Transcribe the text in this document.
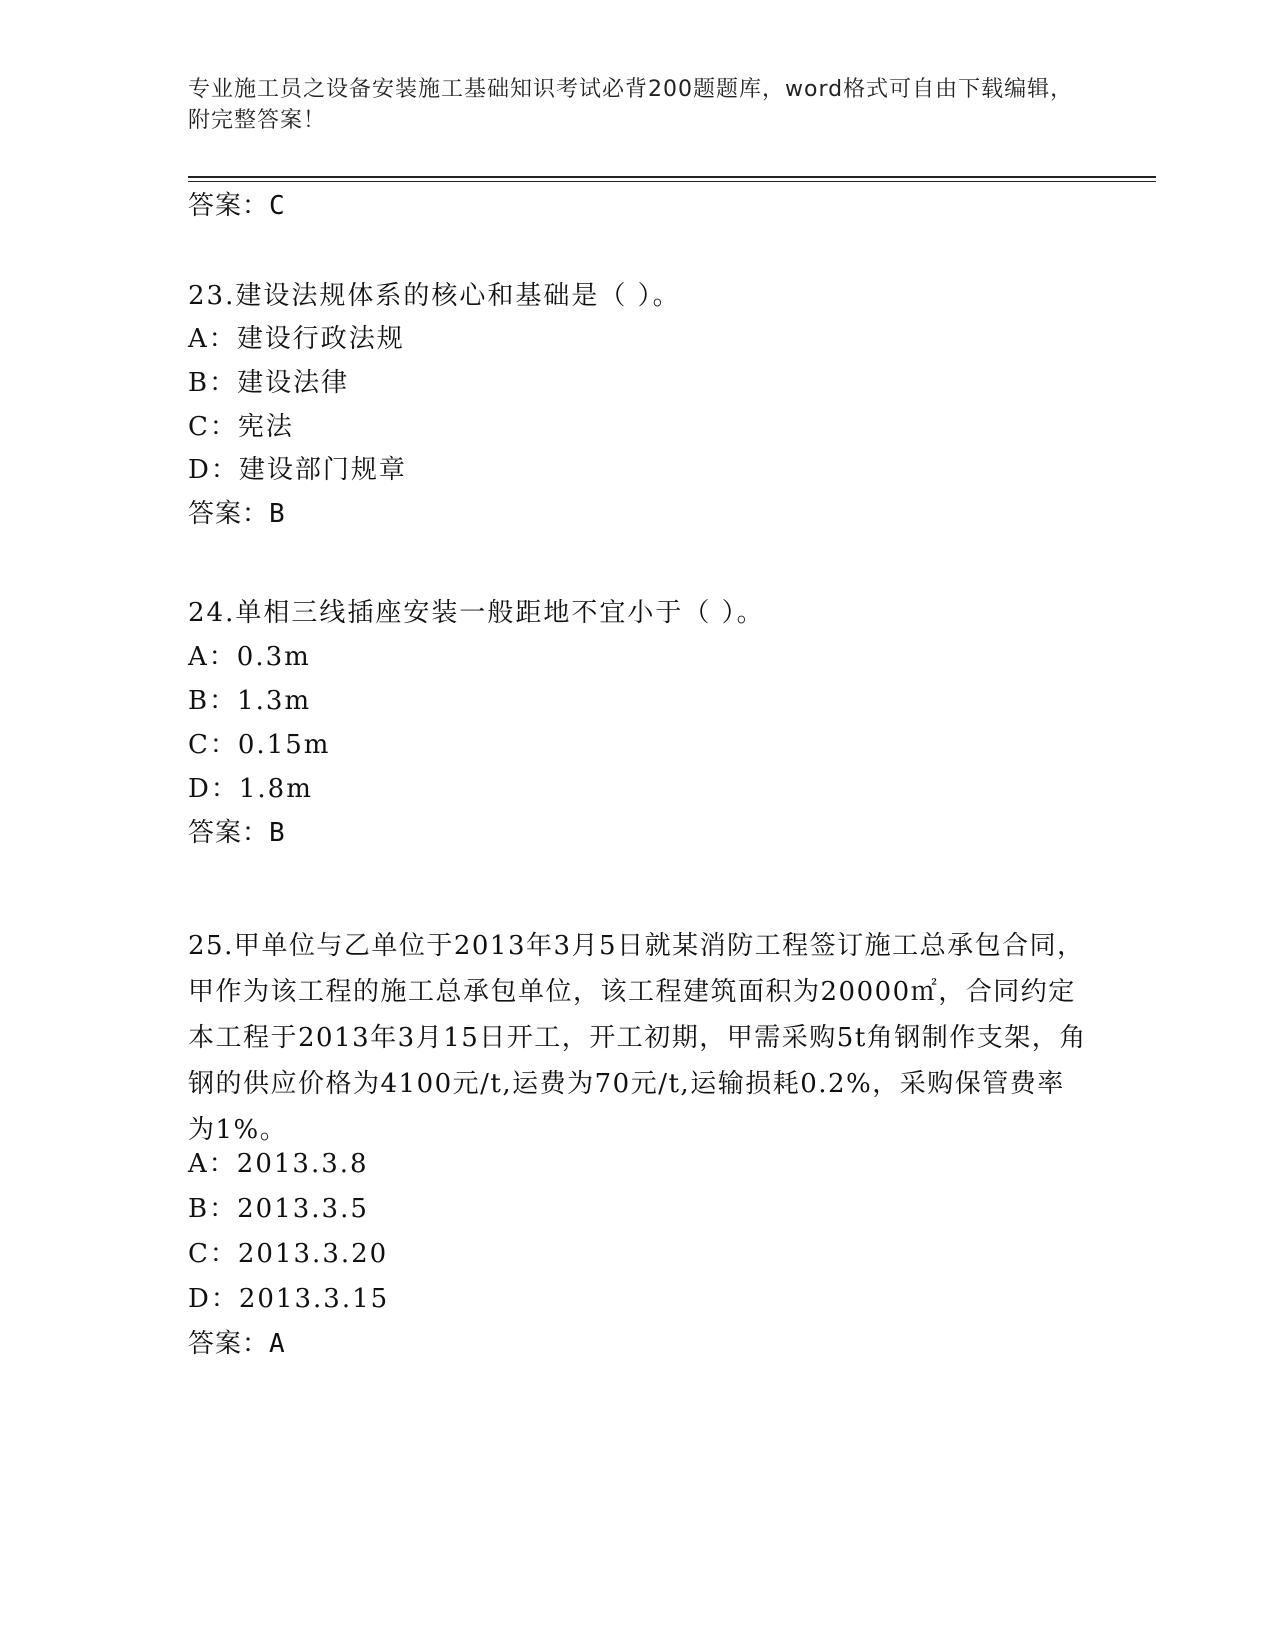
专业施工员之设备安装施工基础知识考试必背200题题库，word格式可自由下载编辑，附完整答案！
答案：C
23.建设法规体系的核心和基础是（ ）。
A：建设行政法规
B：建设法律
C：宪法
D：建设部门规章
答案：B
24.单相三线插座安装一般距地不宜小于（ ）。
A：0.3m
B：1.3m
C：0.15m
D：1.8m
答案：B
25.甲单位与乙单位于2013年3月5日就某消防工程签订施工总承包合同，甲作为该工程的施工总承包单位，该工程建筑面积为20000㎡，合同约定本工程于2013年3月15日开工，开工初期，甲需采购5t角钢制作支架，角钢的供应价格为4100元/t,运费为70元/t,运输损耗0.2%，采购保管费率为1%。
A：2013.3.8
B：2013.3.5
C：2013.3.20
D：2013.3.15
答案：A
